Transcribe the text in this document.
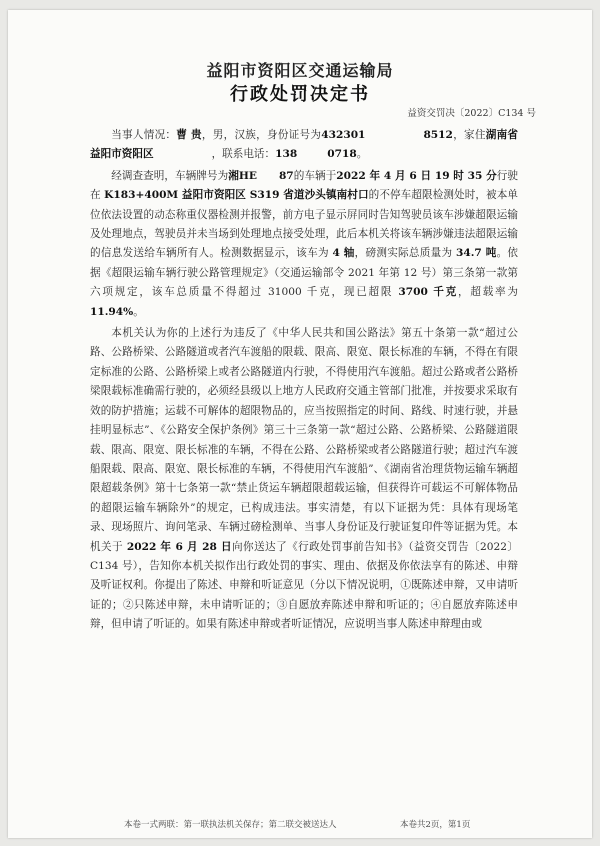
益阳市资阳区交通运输局
行政处罚决定书
益资交罚决〔2022〕C134 号

当事人情况：曹 贵，男，汉族，身份证号为432301	8512，家住湖南省益阳市资阳区	，联系电话：138	0718。

经调查查明，车辆牌号为湘HE 87的车辆于2022 年 4 月 6 日 19 时 35 分行驶在 K183+400M 益阳市资阳区 S319 省道沙头镇南村口的不停车超限检测处时，被本单位依法设置的动态称重仪器检测并报警，前方电子显示屏同时告知驾驶员该车涉嫌超限运输及处理地点，驾驶员并未当场到处理地点接受处理，此后本机关将该车辆涉嫌违法超限运输的信息发送给车辆所有人。检测数据显示，该车为 4 轴，磅测实际总质量为 34.7 吨。依据《超限运输车辆行驶公路管理规定》（交通运输部令 2021 年第 12 号）第三条第一款第六项规定，该车总质量不得超过 31000 千克，现已超限 3700 千克，超载率为 11.94%。

本机关认为你的上述行为违反了《中华人民共和国公路法》第五十条第一款“超过公路、公路桥梁、公路隧道或者汽车渡船的限载、限高、限宽、限长标准的车辆，不得在有限定标准的公路、公路桥梁上或者公路隧道内行驶，不得使用汽车渡船。超过公路或者公路桥梁限载标准确需行驶的，必须经县级以上地方人民政府交通主管部门批准，并按要求采取有效的防护措施；运载不可解体的超限物品的，应当按照指定的时间、路线、时速行驶，并悬挂明显标志”、《公路安全保护条例》第三十三条第一款“超过公路、公路桥梁、公路隧道限载、限高、限宽、限长标准的车辆，不得在公路、公路桥梁或者公路隧道行驶；超过汽车渡船限载、限高、限宽、限长标准的车辆，不得使用汽车渡船”、《湖南省治理货物运输车辆超限超载条例》第十七条第一款“禁止货运车辆超限超载运输，但获得许可载运不可解体物品的超限运输车辆除外”的规定，已构成违法。事实清楚，有以下证据为凭：具体有现场笔录、现场照片、询问笔录、车辆过磅检测单、当事人身份证及行驶证复印件等证据为凭。本机关于 2022 年 6 月 28 日向你送达了《行政处罚事前告知书》（益资交罚告〔2022〕C134 号），告知你本机关拟作出行政处罚的事实、理由、依据及你依法享有的陈述、申辩及听证权利。你提出了陈述、申辩和听证意见（分以下情况说明，①既陈述申辩，又申请听证的；②只陈述申辩，未申请听证的；③自愿放弃陈述申辩和听证的；④自愿放弃陈述申辩，但申请了听证的。如果有陈述申辩或者听证情况，应说明当事人陈述申辩理由或

本卷一式两联：第一联执法机关保存；第二联交被送达人	本卷共2页，第1页
